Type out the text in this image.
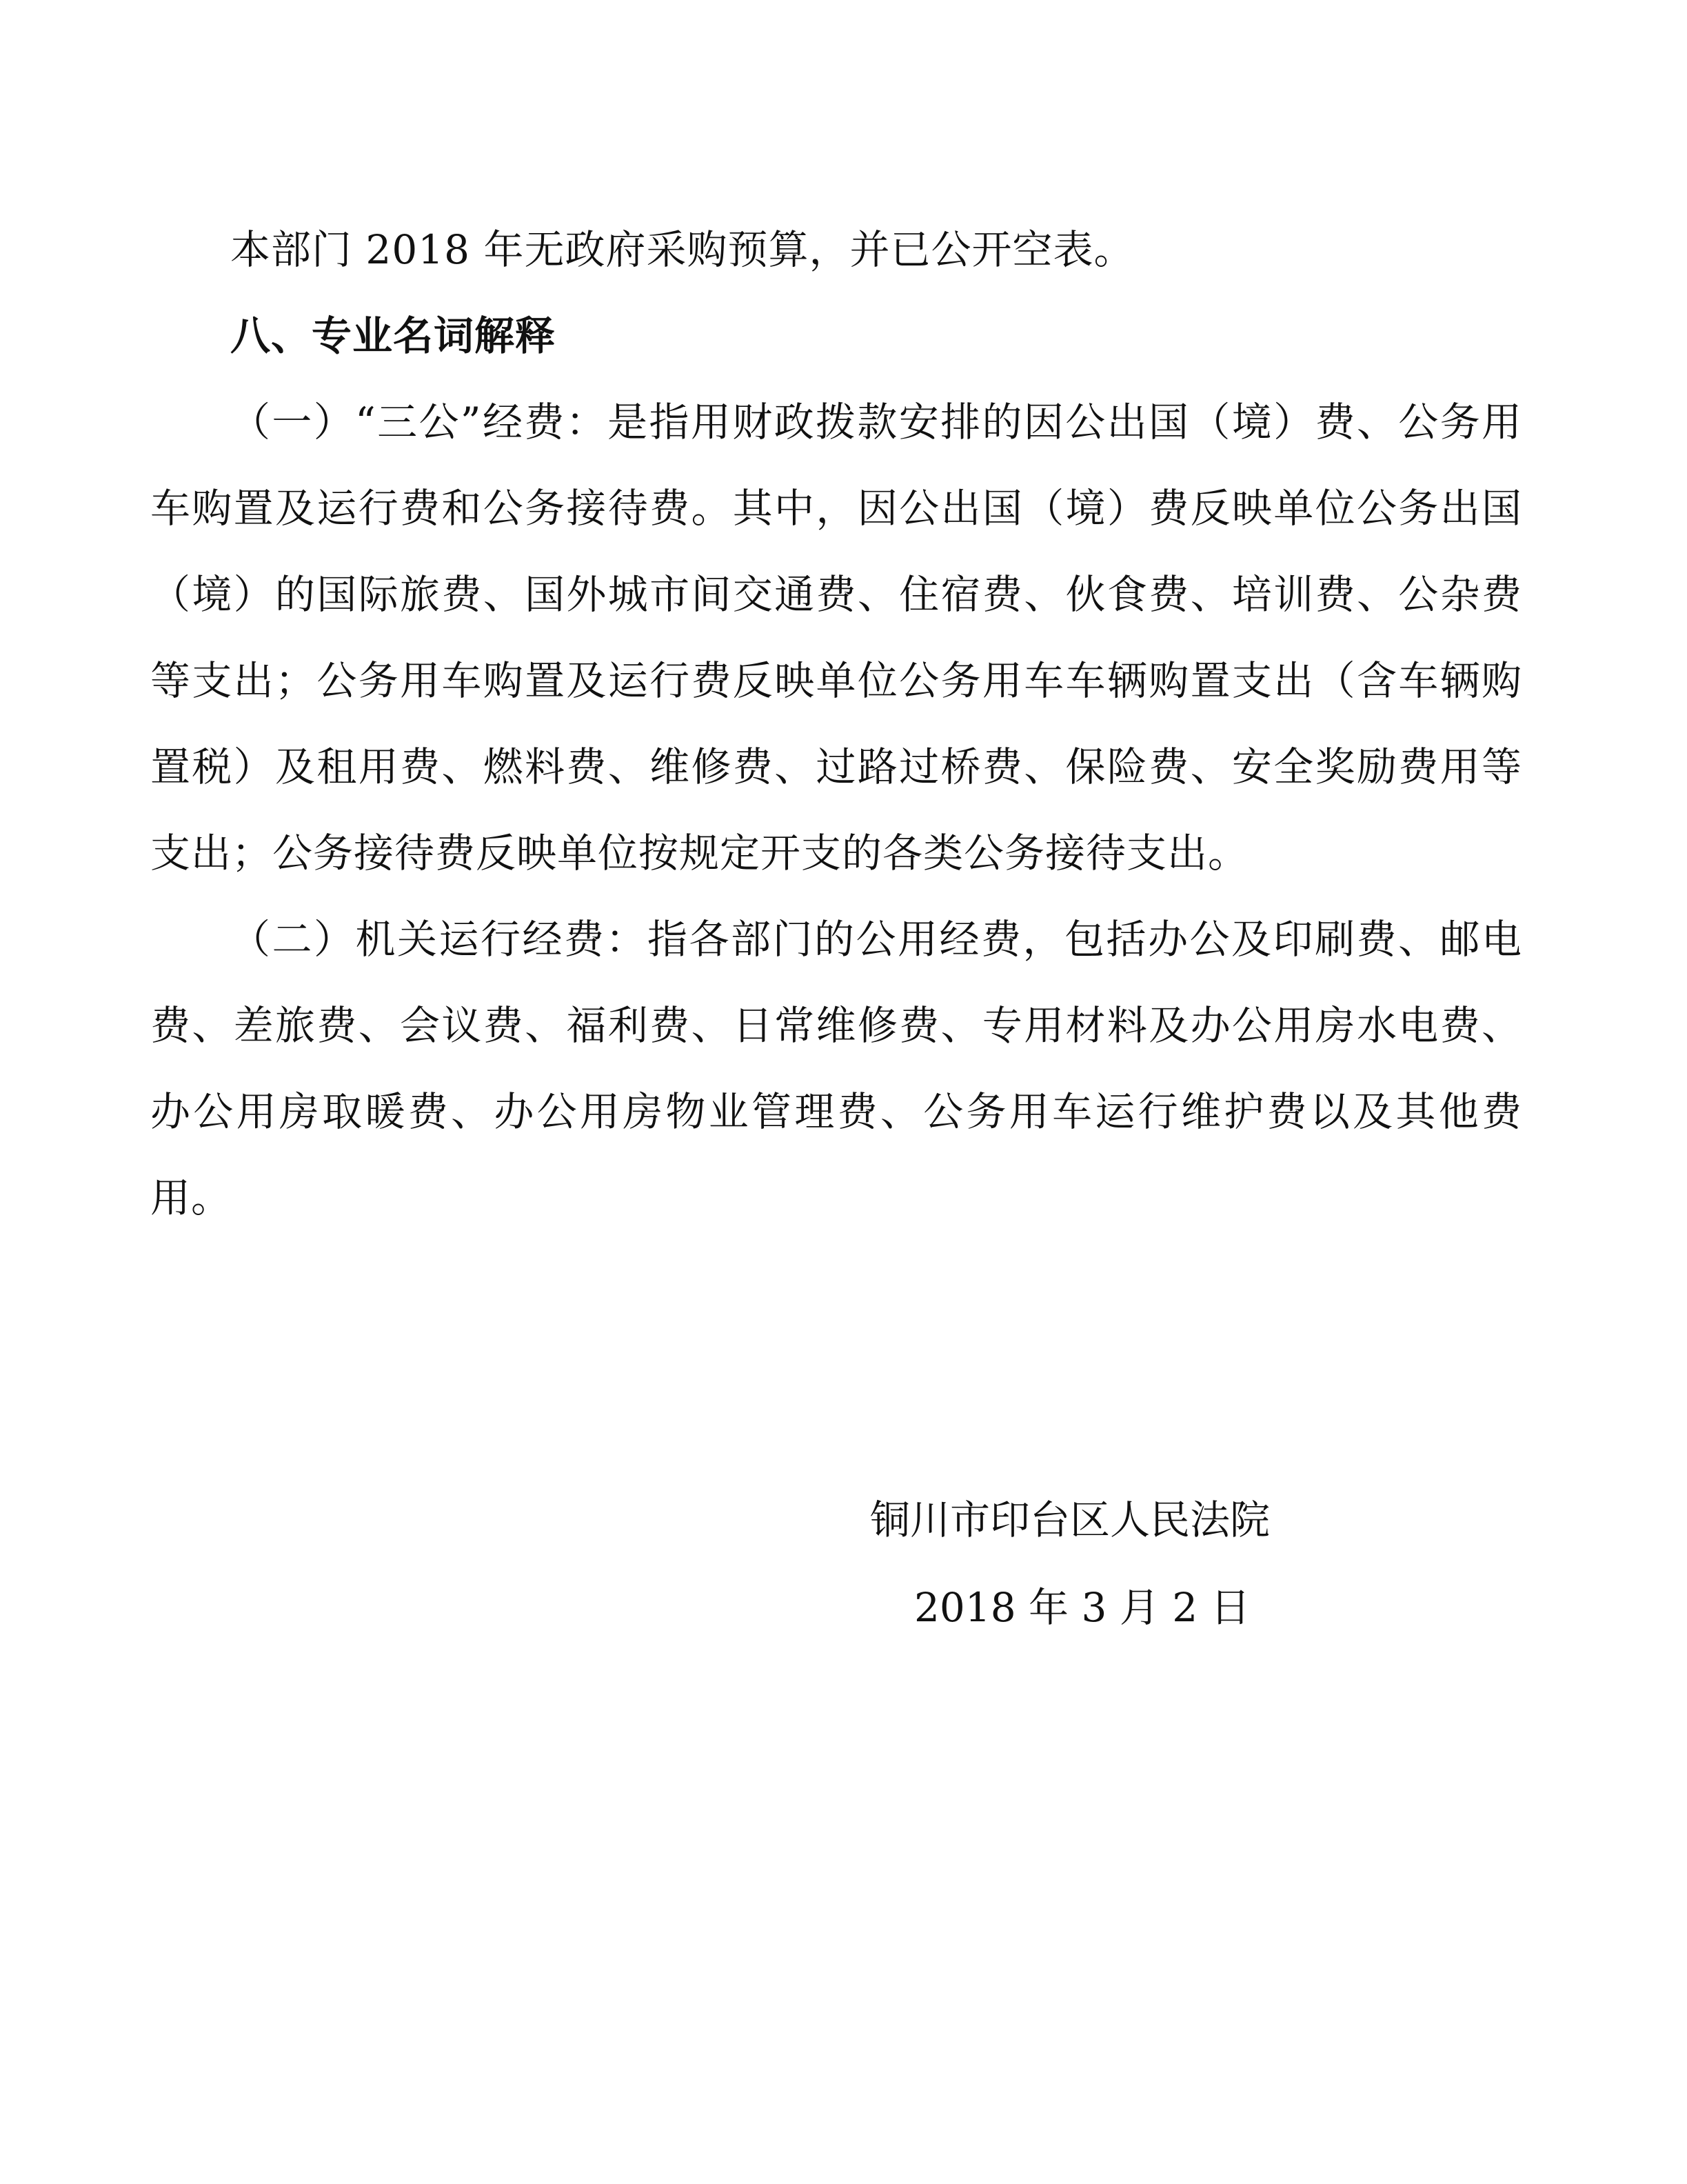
本部门 2018 年无政府采购预算，并已公开空表。

八、专业名词解释

（一）“三公”经费：是指用财政拨款安排的因公出国（境）费、公务用车购置及运行费和公务接待费。其中，因公出国（境）费反映单位公务出国（境）的国际旅费、国外城市间交通费、住宿费、伙食费、培训费、公杂费等支出；公务用车购置及运行费反映单位公务用车车辆购置支出（含车辆购置税）及租用费、燃料费、维修费、过路过桥费、保险费、安全奖励费用等支出；公务接待费反映单位按规定开支的各类公务接待支出。

（二）机关运行经费：指各部门的公用经费，包括办公及印刷费、邮电费、差旅费、会议费、福利费、日常维修费、专用材料及办公用房水电费、办公用房取暖费、办公用房物业管理费、公务用车运行维护费以及其他费用。

铜川市印台区人民法院
2018 年 3 月 2 日
